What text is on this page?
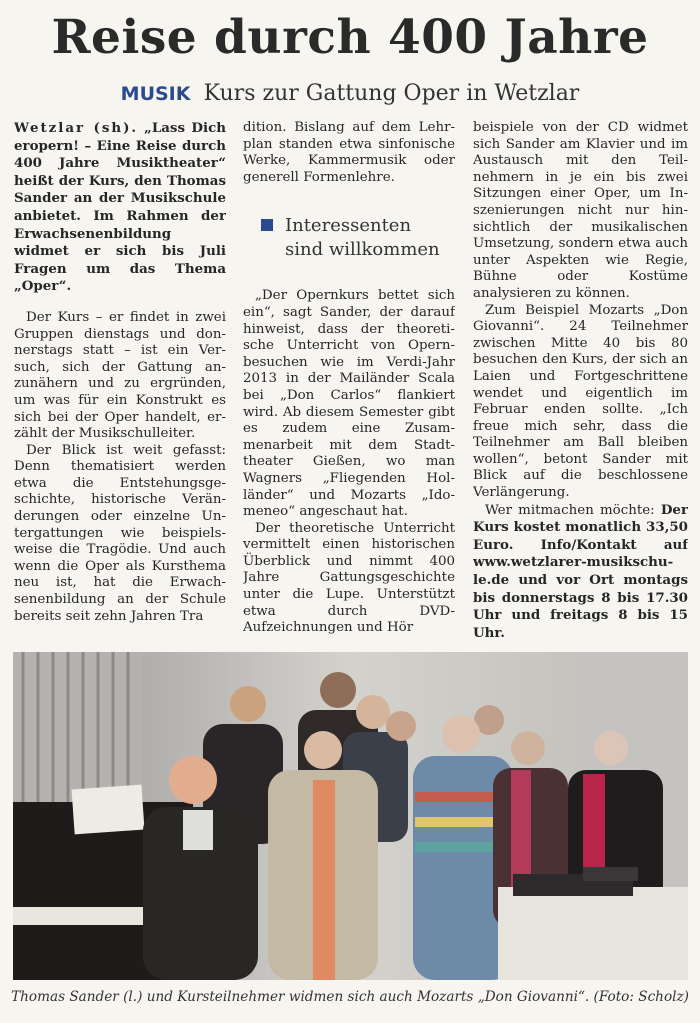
Reise durch 400 Jahre
MUSIK Kurs zur Gattung Oper in Wetzlar

Wetzlar (sh). „Lass Dich eropern! – Eine Reise durch 400 Jahre Musiktheater“ heißt der Kurs, den Thomas Sander an der Musikschule anbietet. Im Rahmen der Erwachsenenbildung widmet er sich bis Juli Fragen um das Thema „Oper“.

Der Kurs – er findet in zwei Gruppen dienstags und donnerstags statt – ist ein Versuch, sich der Gattung anzunähern und zu ergründen, um was für ein Konstrukt es sich bei der Oper handelt, erzählt der Musikschulleiter.

Der Blick ist weit gefasst: Denn thematisiert werden etwa die Entstehungsgeschichte, historische Veränderungen oder einzelne Untergattungen wie beispielsweise die Tragödie. Und auch wenn die Oper als Kursthema neu ist, hat die Erwachsenenbildung an der Schule bereits seit zehn Jahren Tra

dition. Bislang auf dem Lehrplan standen etwa sinfonische Werke, Kammermusik oder generell Formenlehre.

Interessenten
sind willkommen

„Der Opernkurs bettet sich ein“, sagt Sander, der darauf hinweist, dass der theoretische Unterricht von Opernbesuchen wie im Verdi-Jahr 2013 in der Mailänder Scala bei „Don Carlos“ flankiert wird. Ab diesem Semester gibt es zudem eine Zusammenarbeit mit dem Stadttheater Gießen, wo man Wagners „Fliegenden Holländer“ und Mozarts „Idomeneo“ angeschaut hat.

Der theoretische Unterricht vermittelt einen historischen Überblick und nimmt 400 Jahre Gattungsgeschichte unter die Lupe. Unterstützt etwa durch DVD-Aufzeichnungen und Hör

beispiele von der CD widmet sich Sander am Klavier und im Austausch mit den Teilnehmern in je ein bis zwei Sitzungen einer Oper, um Inszenierungen nicht nur hinsichtlich der musikalischen Umsetzung, sondern etwa auch unter Aspekten wie Regie, Bühne oder Kostüme analysieren zu können.

Zum Beispiel Mozarts „Don Giovanni“. 24 Teilnehmer zwischen Mitte 40 bis 80 besuchen den Kurs, der sich an Laien und Fortgeschrittene wendet und eigentlich im Februar enden sollte. „Ich freue mich sehr, dass die Teilnehmer am Ball bleiben wollen“, betont Sander mit Blick auf die beschlossene Verlängerung.

Wer mitmachen möchte: Der Kurs kostet monatlich 33,50 Euro. Info/Kontakt auf www.wetzlarer-musikschule.de und vor Ort montags bis donnerstags 8 bis 17.30 Uhr und freitags 8 bis 15 Uhr.

Thomas Sander (l.) und Kursteilnehmer widmen sich auch Mozarts „Don Giovanni“. (Foto: Scholz)
